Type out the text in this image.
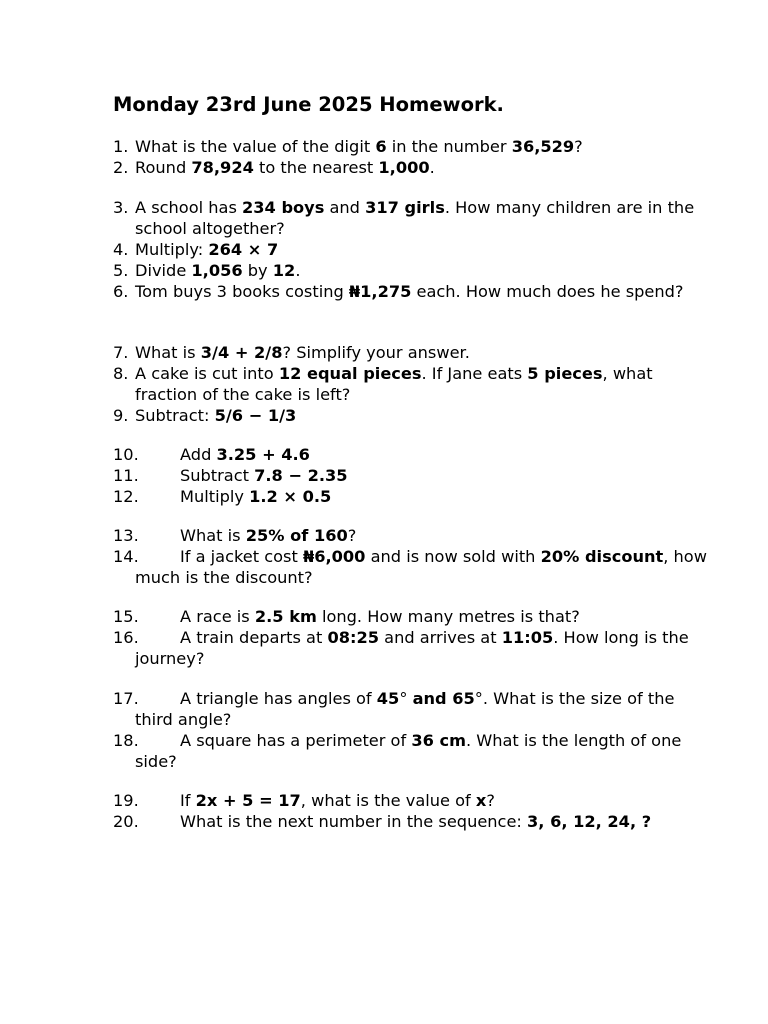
Monday 23rd June 2025 Homework.
1. What is the value of the digit 6 in the number 36,529?
2. Round 78,924 to the nearest 1,000.
3. A school has 234 boys and 317 girls. How many children are in the school altogether?
4. Multiply: 264 × 7
5. Divide 1,056 by 12.
6. Tom buys 3 books costing ₦1,275 each. How much does he spend?
7. What is 3/4 + 2/8? Simplify your answer.
8. A cake is cut into 12 equal pieces. If Jane eats 5 pieces, what fraction of the cake is left?
9. Subtract: 5/6 − 1/3
10.	Add 3.25 + 4.6
11.	Subtract 7.8 − 2.35
12.	Multiply 1.2 × 0.5
13.	What is 25% of 160?
14.	If a jacket cost ₦6,000 and is now sold with 20% discount, how much is the discount?
15.	A race is 2.5 km long. How many metres is that?
16.	A train departs at 08:25 and arrives at 11:05. How long is the journey?
17.	A triangle has angles of 45° and 65°. What is the size of the third angle?
18.	A square has a perimeter of 36 cm. What is the length of one side?
19.	If 2x + 5 = 17, what is the value of x?
20.	What is the next number in the sequence: 3, 6, 12, 24, ?
